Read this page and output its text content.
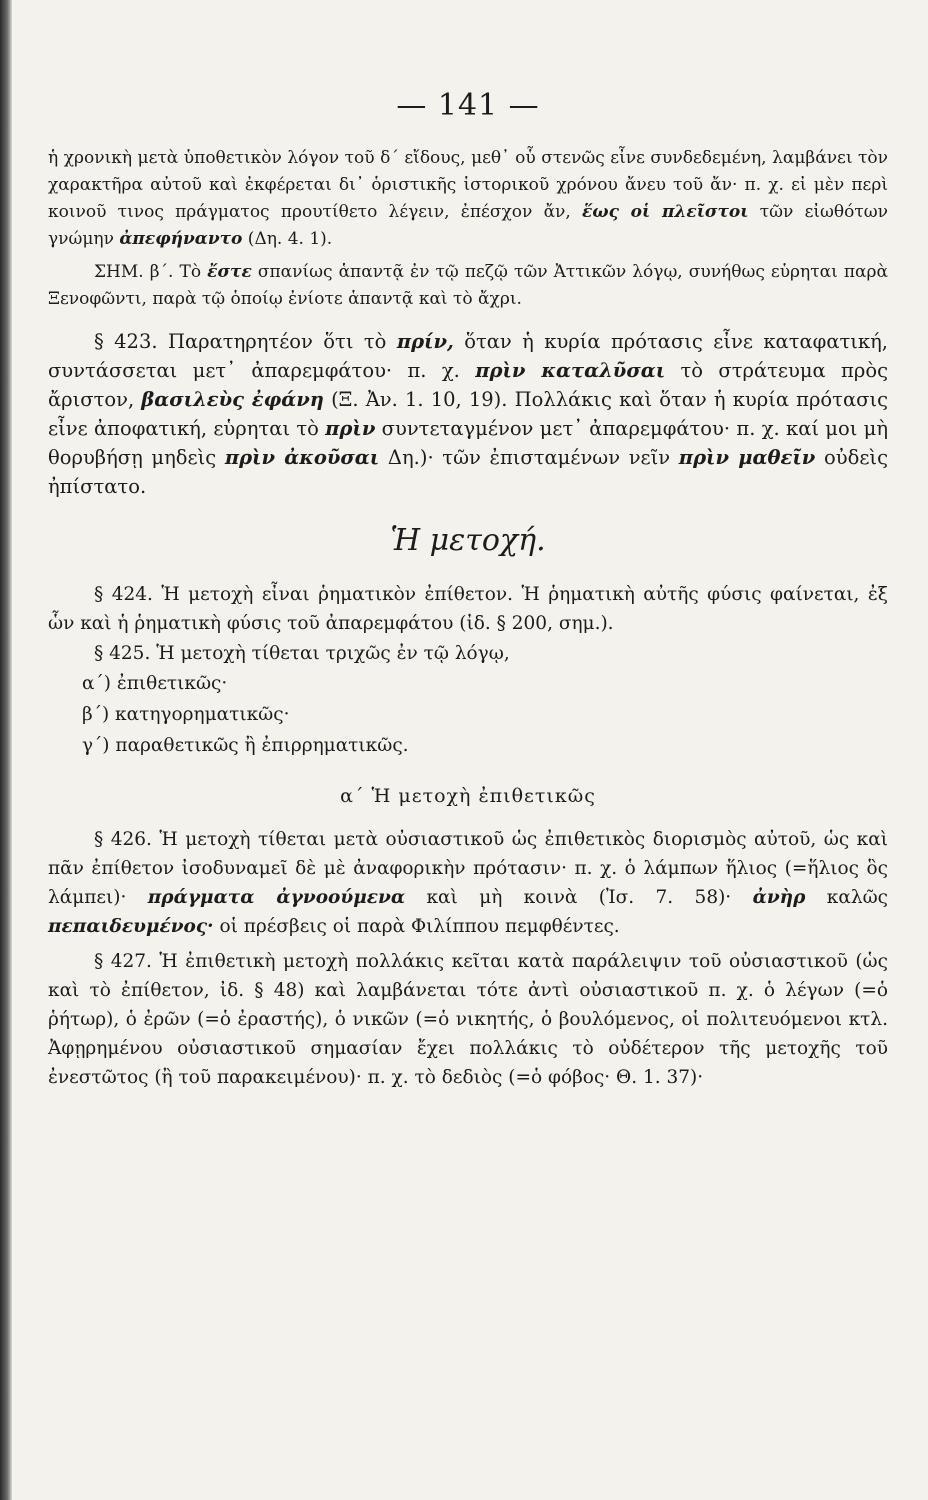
— 141 —

ἡ χρονικὴ μετὰ ὑποθετικὸν λόγον τοῦ δ΄ εἴδους, μεθ᾽ οὗ στενῶς εἶνε συνδεδεμένη, λαμβάνει τὸν χαρακτῆρα αὐτοῦ καὶ ἐκφέρεται δι᾽ ὁριστικῆς ἱστορικοῦ χρόνου ἄνευ τοῦ ἄν· π. χ. εἰ μὲν περὶ κοινοῦ τινος πράγματος προυτίθετο λέγειν, ἐπέσχον ἄν, ἕως οἱ πλεῖστοι τῶν εἰωθότων γνώμην ἀπεφήναντο (Δη. 4. 1).

ΣΗΜ. β΄. Τὸ ἔστε σπανίως ἁπαντᾷ ἐν τῷ πεζῷ τῶν Ἀττικῶν λόγῳ, συνήθως εὑρηται παρὰ Ξενοφῶντι, παρὰ τῷ ὁποίῳ ἐνίοτε ἁπαντᾷ καὶ τὸ ἄχρι.

§ 423. Παρατηρητέον ὅτι τὸ πρίν, ὅταν ἡ κυρία πρότασις εἶνε καταφατική, συντάσσεται μετ᾽ ἀπαρεμφάτου· π. χ. πρὶν καταλῦσαι τὸ στράτευμα πρὸς ἄριστον, βασιλεὺς ἐφάνη (Ξ. Ἀν. 1. 10, 19). Πολλάκις καὶ ὅταν ἡ κυρία πρότασις εἶνε ἀποφατική, εὑρηται τὸ πρὶν συντεταγμένον μετ᾽ ἀπαρεμφάτου· π. χ. καί μοι μὴ θορυβήσῃ μηδεὶς πρὶν ἀκοῦσαι Δη.)· τῶν ἐπισταμένων νεῖν πρὶν μαθεῖν οὐδεὶς ἠπίστατο.

Ἡ μετοχή.

§ 424. Ἡ μετοχὴ εἶναι ῥηματικὸν ἐπίθετον. Ἡ ῥηματικὴ αὐτῆς φύσις φαίνεται, ἐξ ὧν καὶ ἡ ῥηματικὴ φύσις τοῦ ἀπαρεμφάτου (ἰδ. § 200, σημ.).

§ 425. Ἡ μετοχὴ τίθεται τριχῶς ἐν τῷ λόγῳ,

α΄) ἐπιθετικῶς·
β΄) κατηγορηματικῶς·
γ΄) παραθετικῶς ἢ ἐπιρρηματικῶς.
α΄ Ἡ μετοχὴ ἐπιθετικῶς

§ 426. Ἡ μετοχὴ τίθεται μετὰ οὐσιαστικοῦ ὡς ἐπιθετικὸς διορισμὸς αὐτοῦ, ὡς καὶ πᾶν ἐπίθετον ἰσοδυναμεῖ δὲ μὲ ἀναφορικὴν πρότασιν· π. χ. ὁ λάμπων ἥλιος (=ἥλιος ὃς λάμπει)· πράγματα ἀγνοούμενα καὶ μὴ κοινὰ (Ἰσ. 7. 58)· ἀνὴρ καλῶς πεπαιδευμένος· οἱ πρέσβεις οἱ παρὰ Φιλίππου πεμφθέντες.

§ 427. Ἡ ἐπιθετικὴ μετοχὴ πολλάκις κεῖται κατὰ παράλειψιν τοῦ οὐσιαστικοῦ (ὡς καὶ τὸ ἐπίθετον, ἰδ. § 48) καὶ λαμβάνεται τότε ἀντὶ οὐσιαστικοῦ π. χ. ὁ λέγων (=ὁ ῥήτωρ), ὁ ἐρῶν (=ὁ ἐραστής), ὁ νικῶν (=ὁ νικητής, ὁ βουλόμενος, οἱ πολιτευόμενοι κτλ. Ἀφῃρημένου οὐσιαστικοῦ σημασίαν ἔχει πολλάκις τὸ οὐδέτερον τῆς μετοχῆς τοῦ ἐνεστῶτος (ἢ τοῦ παρακειμένου)· π. χ. τὸ δεδιὸς (=ὁ φόβος· Θ. 1. 37)·
